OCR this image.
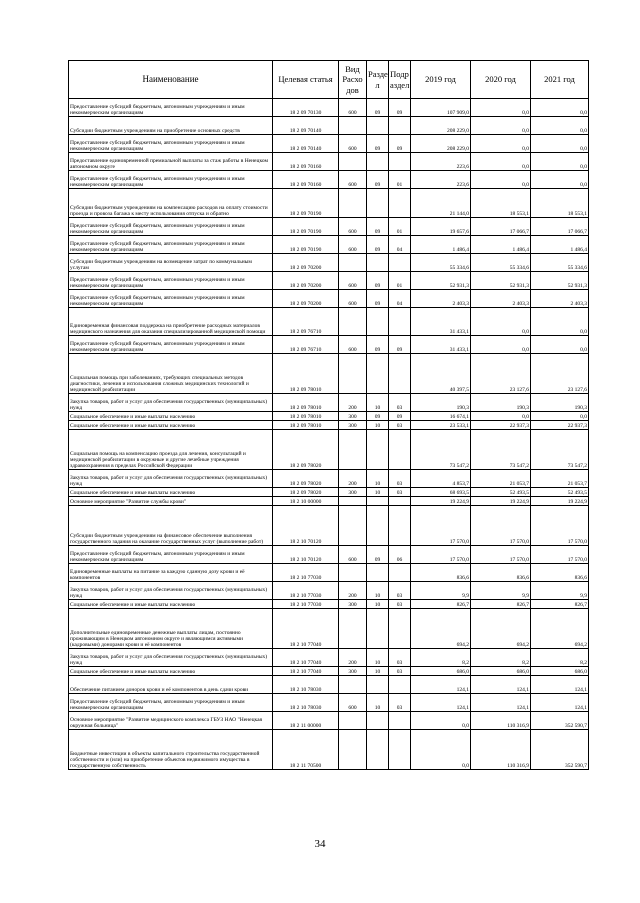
Наименование	Целевая статья	Вид Расхо дов	Разде л	Подр аздел	2019 год	2020 год	2021 год
Предоставление субсидий бюджетным, автономным учреждениям и иным некоммерческим организациям	18 2 09 70130	600	09	09	107 909,0	0,0	0,0
Субсидии бюджетным учреждениям на приобретение основных средств	18 2 09 70140				208 229,0	0,0	0,0
Предоставление субсидий бюджетным, автономным учреждениям и иным некоммерческим организациям	18 2 09 70140	600	09	09	208 229,0	0,0	0,0
Предоставление единовременной премиальной выплаты за стаж работы в Ненецком автономном округе	18 2 09 70160				223,6	0,0	0,0
Предоставление субсидий бюджетным, автономным учреждениям и иным некоммерческим организациям	18 2 09 70160	600	09	01	223,6	0,0	0,0
Субсидии бюджетным учреждениям на компенсацию расходов на оплату стоимости проезда и провоза багажа к месту использования отпуска и обратно	18 2 09 70190				21 144,0	18 553,1	18 553,1
Предоставление субсидий бюджетным, автономным учреждениям и иным некоммерческим организациям	18 2 09 70190	600	09	01	19 657,6	17 066,7	17 066,7
Предоставление субсидий бюджетным, автономным учреждениям и иным некоммерческим организациям	18 2 09 70190	600	09	04	1 486,4	1 486,4	1 486,4
Субсидии бюджетным учреждениям на возмещение затрат по коммунальным услугам	18 2 09 70200				55 334,6	55 334,6	55 334,6
Предоставление субсидий бюджетным, автономным учреждениям и иным некоммерческим организациям	18 2 09 70200	600	09	01	52 931,3	52 931,3	52 931,3
Предоставление субсидий бюджетным, автономным учреждениям и иным некоммерческим организациям	18 2 09 70200	600	09	04	2 403,3	2 403,3	2 403,3
Единовременная финансовая поддержка на приобретение расходных материалов медицинского назначения для оказания специализированной медицинской помощи	18 2 09 76710				31 433,1	0,0	0,0
Предоставление субсидий бюджетным, автономным учреждениям и иным некоммерческим организациям	18 2 09 76710	600	09	09	31 433,1	0,0	0,0
Социальная помощь при заболеваниях, требующих специальных методов диагностики, лечения и использования сложных медицинских технологий и медицинской реабилитации	18 2 09 78010				40 397,5	23 127,6	23 127,6
Закупка товаров, работ и услуг для обеспечения государственных (муниципальных) нужд	18 2 09 78010	200	10	03	190,3	190,3	190,3
Социальное обеспечение и иные выплаты населению	18 2 09 78010	300	09	09	16 674,1	0,0	0,0
Социальное обеспечение и иные выплаты населению	18 2 09 78010	300	10	03	23 533,1	22 937,3	22 937,3
Социальная помощь на компенсацию проезда для лечения, консультаций и медицинской реабилитации в окружные и другие лечебные учреждения здравоохранения в пределах Российской Федерации	18 2 09 78020				73 547,2	73 547,2	73 547,2
Закупка товаров, работ и услуг для обеспечения государственных (муниципальных) нужд	18 2 09 78020	200	10	03	4 853,7	21 053,7	21 053,7
Социальное обеспечение и иные выплаты населению	18 2 09 78020	300	10	03	68 693,5	52 493,5	52 493,5
Основное мероприятие "Развитие службы крови"	18 2 10 00000				19 224,9	19 224,9	19 224,9
Субсидии бюджетным учреждениям на финансовое обеспечение выполнения государственного задания на оказание государственных услуг (выполнение работ)	18 2 10 70120				17 570,0	17 570,0	17 570,0
Предоставление субсидий бюджетным, автономным учреждениям и иным некоммерческим организациям	18 2 10 70120	600	09	06	17 570,0	17 570,0	17 570,0
Единовременные выплаты на питание за каждую сданную дозу крови и её компонентов	18 2 10 77030				836,6	836,6	836,6
Закупка товаров, работ и услуг для обеспечения государственных (муниципальных) нужд	18 2 10 77030	200	10	03	9,9	9,9	9,9
Социальное обеспечение и иные выплаты населению	18 2 10 77030	300	10	03	826,7	826,7	826,7
Дополнительные единовременные денежные выплаты лицам, постоянно проживающим в Ненецком автономном округе и являющимся активными (кадровыми) донорами крови и её компонентов	18 2 10 77040				694,2	694,2	694,2
Закупка товаров, работ и услуг для обеспечения государственных (муниципальных) нужд	18 2 10 77040	200	10	03	8,2	8,2	8,2
Социальное обеспечение и иные выплаты населению	18 2 10 77040	300	10	03	686,0	686,0	686,0
Обеспечение питанием доноров крови и её компонентов в день сдачи крови	18 2 10 78030				124,1	124,1	124,1
Предоставление субсидий бюджетным, автономным учреждениям и иным некоммерческим организациям	18 2 10 78030	600	10	03	124,1	124,1	124,1
Основное мероприятие "Развитие медицинского комплекса ГБУЗ НАО "Ненецкая окружная больница"	18 2 11 00000				0,0	110 316,9	352 590,7
Бюджетные инвестиции в объекты капитального строительства государственной собственности и (или) на приобретение объектов недвижимого имущества в государственную собственность	18 2 11 70500				0,0	110 316,9	352 590,7
34
